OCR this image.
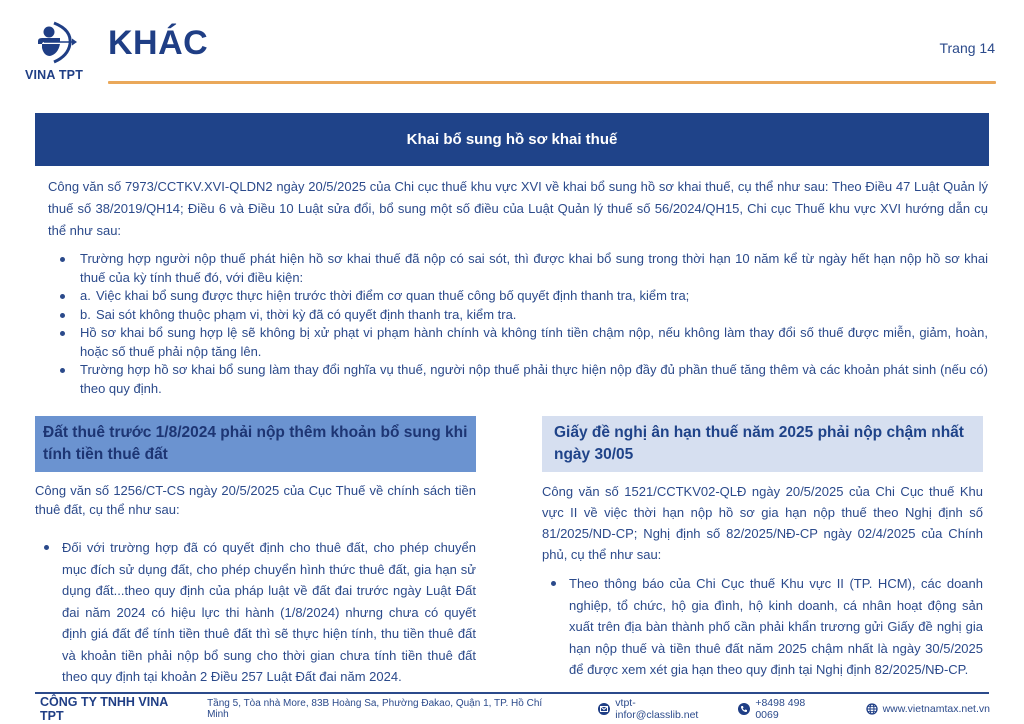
VINA TPT
KHÁC	Trang 14
Khai bổ sung hồ sơ khai thuế

Công văn số 7973/CCTKV.XVI-QLDN2 ngày 20/5/2025 của Chi cục thuế khu vực XVI về khai bổ sung hồ sơ khai thuế, cụ thể như sau: Theo Điều 47 Luật Quản lý thuế số 38/2019/QH14; Điều 6 và Điều 10 Luật sửa đổi, bổ sung một số điều của Luật Quản lý thuế số 56/2024/QH15, Chi cục Thuế khu vực XVI hướng dẫn cụ thể như sau:

Trường hợp người nộp thuế phát hiện hồ sơ khai thuế đã nộp có sai sót, thì được khai bổ sung trong thời hạn 10 năm kể từ ngày hết hạn nộp hồ sơ khai thuế của kỳ tính thuế đó, với điều kiện:
a. Việc khai bổ sung được thực hiện trước thời điểm cơ quan thuế công bố quyết định thanh tra, kiểm tra;
b. Sai sót không thuộc phạm vi, thời kỳ đã có quyết định thanh tra, kiểm tra.
Hồ sơ khai bổ sung hợp lệ sẽ không bị xử phạt vi phạm hành chính và không tính tiền chậm nộp, nếu không làm thay đổi số thuế được miễn, giảm, hoàn, hoặc số thuế phải nộp tăng lên.
Trường hợp hồ sơ khai bổ sung làm thay đổi nghĩa vụ thuế, người nộp thuế phải thực hiện nộp đầy đủ phần thuế tăng thêm và các khoản phát sinh (nếu có) theo quy định.
Đất thuê trước 1/8/2024 phải nộp thêm khoản bổ sung khi tính tiền thuê đất

Công văn số 1256/CT-CS ngày 20/5/2025 của Cục Thuế về chính sách tiền thuê đất, cụ thể như sau:

Đối với trường hợp đã có quyết định cho thuê đất, cho phép chuyển mục đích sử dụng đất, cho phép chuyển hình thức thuê đất, gia hạn sử dụng đất...theo quy định của pháp luật về đất đai trước ngày Luật Đất đai năm 2024 có hiệu lực thi hành (1/8/2024) nhưng chưa có quyết định giá đất để tính tiền thuê đất thì sẽ thực hiện tính, thu tiền thuê đất và khoản tiền phải nộp bổ sung cho thời gian chưa tính tiền thuê đất theo quy định tại khoản 2 Điều 257 Luật Đất đai năm 2024.
Giấy đề nghị ân hạn thuế năm 2025 phải nộp chậm nhất ngày 30/05

Công văn số 1521/CCTKV02-QLĐ ngày 20/5/2025 của Chi Cục thuế Khu vực II về việc thời hạn nộp hồ sơ gia hạn nộp thuế theo Nghị định số 81/2025/ND-CP; Nghị định số 82/2025/NĐ-CP ngày 02/4/2025 của Chính phủ, cụ thể như sau:

Theo thông báo của Chi Cục thuế Khu vực II (TP. HCM), các doanh nghiệp, tổ chức, hộ gia đình, hộ kinh doanh, cá nhân hoạt động sản xuất trên địa bàn thành phố cần phải khẩn trương gửi Giấy đề nghị gia hạn nộp thuế và tiền thuê đất năm 2025 chậm nhất là ngày 30/5/2025 để được xem xét gia hạn theo quy định tại Nghị định 82/2025/NĐ-CP.
CÔNG TY TNHH VINA TPT
Tầng 5, Tòa nhà More, 83B Hoàng Sa, Phường Đakao, Quận 1, TP. Hồ Chí Minh
vtpt-infor@classlib.net
+8498 498 0069	www.vietnamtax.net.vn
